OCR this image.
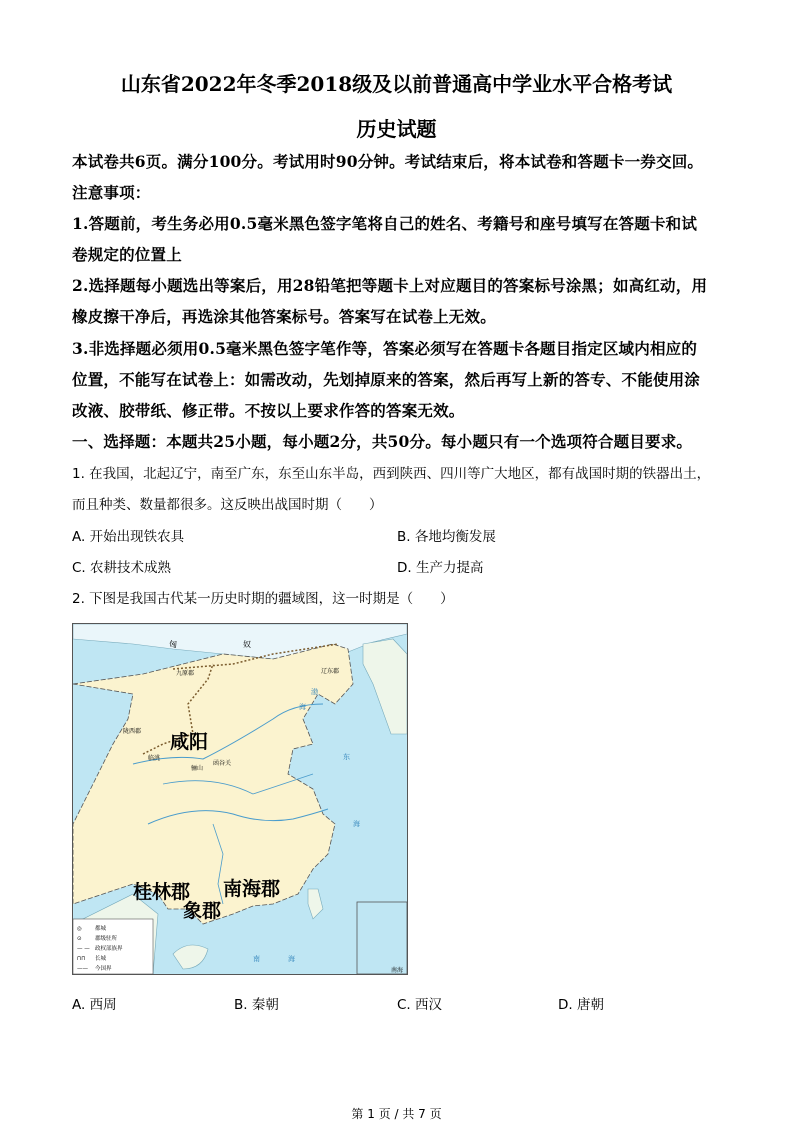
山东省2022年冬季2018级及以前普通高中学业水平合格考试
历史试题
本试卷共6页。满分100分。考试用时90分钟。考试结束后，将本试卷和答题卡一券交回。
注意事项：
1.答题前，考生务必用0.5毫米黑色签字笔将自己的姓名、考籍号和座号填写在答题卡和试
卷规定的位置上
2.选择题每小题选出等案后，用28铅笔把等题卡上对应题目的答案标号涂黑；如高红动，用
橡皮擦干净后，再选涂其他答案标号。答案写在试卷上无效。
3.非选择题必须用0.5毫米黑色签字笔作等，答案必须写在答题卡各题目指定区域内相应的
位置，不能写在试卷上：如需改动，先划掉原来的答案，然后再写上新的答专、不能使用涂
改液、胶带纸、修正带。不按以上要求作答的答案无效。
一、选择题：本题共25小题，每小题2分，共50分。每小题只有一个选项符合题目要求。
1. 在我国，北起辽宁，南至广东，东至山东半岛，西到陕西、四川等广大地区，都有战国时期的铁器出土，
而且种类、数量都很多。这反映出战国时期（　　）
A. 开始出现铁农具	B. 各地均衡发展
C. 农耕技术成熟	D. 生产力提高
2. 下图是我国古代某一历史时期的疆域图，这一时期是（　　）
匈	奴
九原郡	辽东郡
陇西郡 咸阳
临洮
骊山
函谷关
桂林郡 南海郡
象郡
渤
海
东
海
南	海
南海
◎ 都城
⊙ 郡级驻所
— — 政权部族界
⊓⊓ 长城
—— 今国界
A. 西周	B. 秦朝	C. 西汉	D. 唐朝
第 1 页 / 共 7 页
